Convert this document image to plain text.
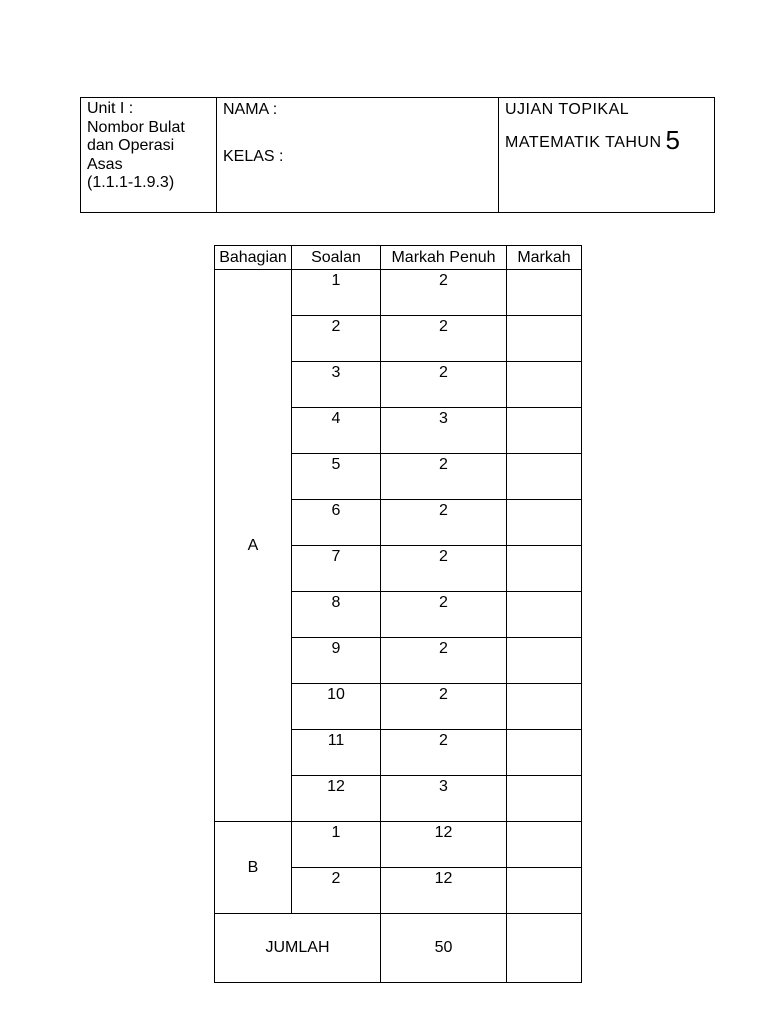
Unit I :
Nombor Bulat
dan Operasi
Asas
(1.1.1-1.9.3)

NAMA :
KELAS :

UJIAN TOPIKAL
MATEMATIK TAHUN 5
Bahagian	Soalan	Markah Penuh	Markah
A	1	2	
	2	2	
	3	2	
	4	3	
	5	2	
	6	2	
	7	2	
	8	2	
	9	2	
	10	2	
	11	2	
	12	3	
B	1	12	
	2	12	
JUMLAH		50	
